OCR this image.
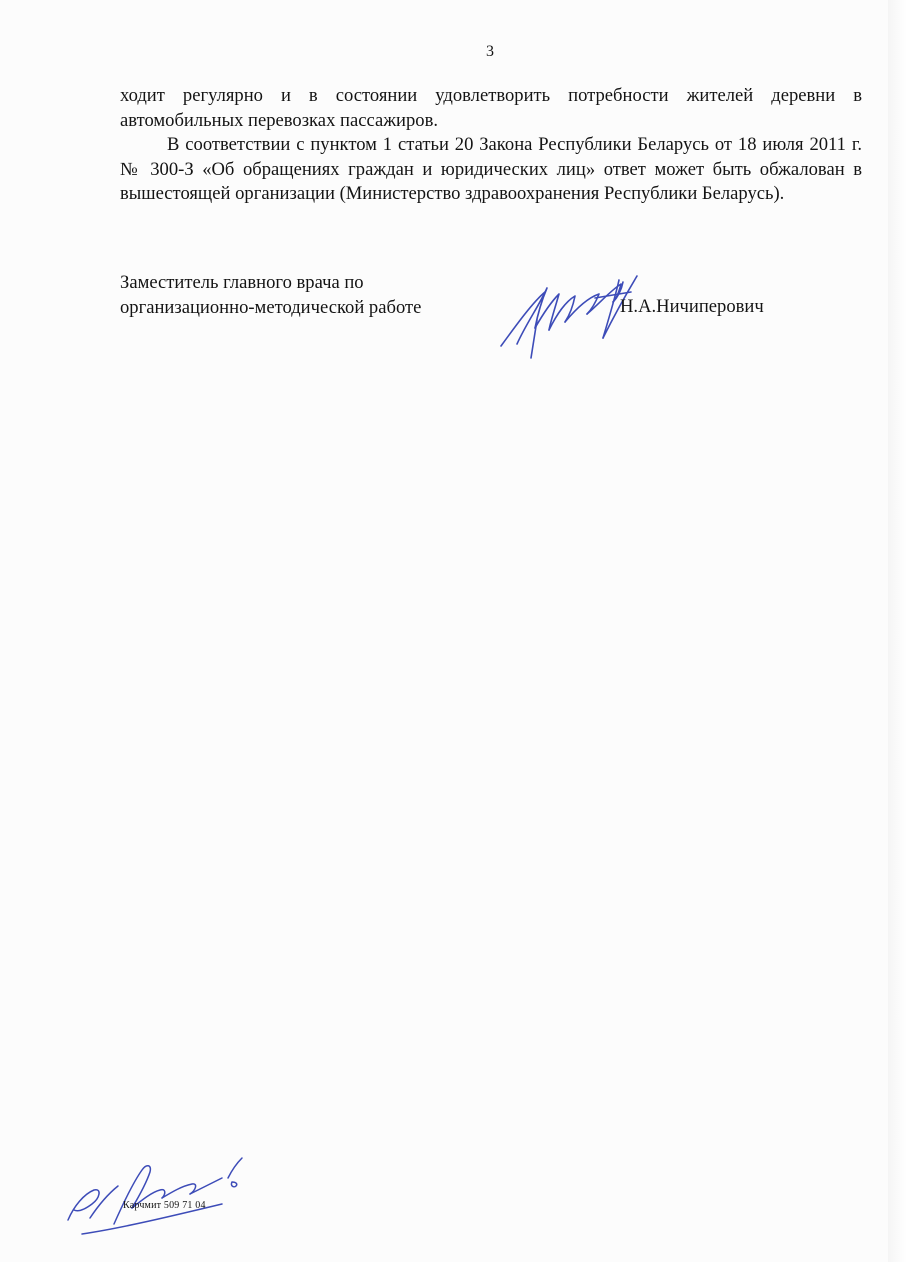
3

ходит регулярно и в состоянии удовлетворить потребности жителей деревни в автомобильных перевозках пассажиров.

В соответствии с пунктом 1 статьи 20 Закона Республики Беларусь от 18 июля 2011 г. № 300-З «Об обращениях граждан и юридических лиц» ответ может быть обжалован в вышестоящей организации (Министерство здравоохранения Республики Беларусь).

Заместитель главного врача по
организационно-методической работе	Н.А.Ничиперович
Карчмит 509 71 04
